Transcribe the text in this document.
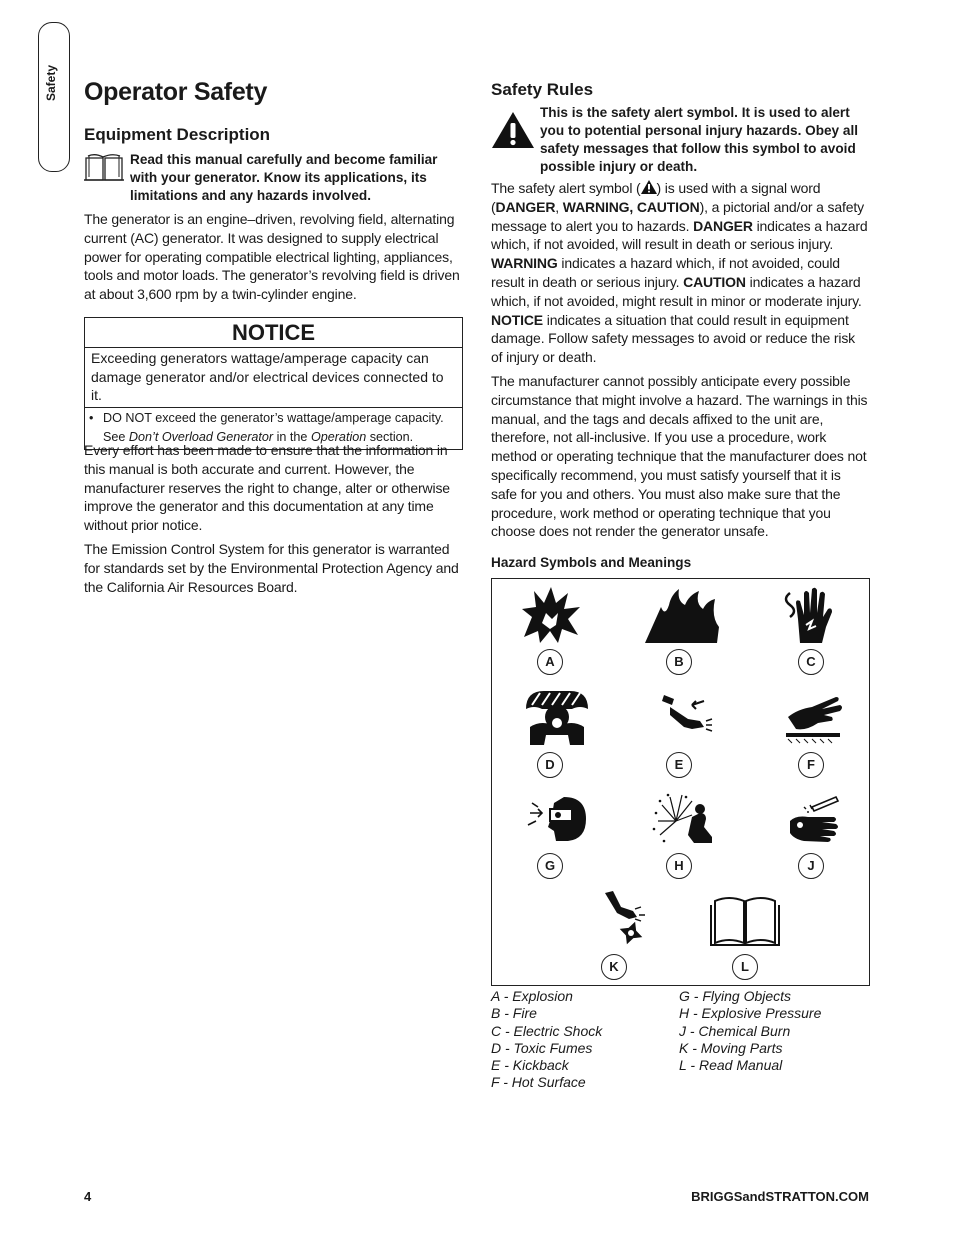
Safety Operator Safety

Equipment Description

Read this manual carefully and become familiar with your generator. Know its applications, its limitations and any hazards involved.

The generator is an engine–driven, revolving field, alternating current (AC) generator. It was designed to supply electrical power for operating compatible electrical lighting, appliances, tools and motor loads. The generator’s revolving field is driven at about 3,600 rpm by a twin-cylinder engine.

NOTICE
Exceeding generators wattage/amperage capacity can damage generator and/or electrical devices connected to it.
• DO NOT exceed the generator’s wattage/amperage capacity. See Don’t Overload Generator in the Operation section.

Every effort has been made to ensure that the information in this manual is both accurate and current. However, the manufacturer reserves the right to change, alter or otherwise improve the generator and this documentation at any time without prior notice.

The Emission Control System for this generator is warranted for standards set by the Environmental Protection Agency and the California Air Resources Board.

Safety Rules

This is the safety alert symbol. It is used to alert you to potential personal injury hazards. Obey all safety messages that follow this symbol to avoid possible injury or death.

The safety alert symbol ( ) is used with a signal word (DANGER, WARNING, CAUTION), a pictorial and/or a safety message to alert you to hazards. DANGER indicates a hazard which, if not avoided, will result in death or serious injury. WARNING indicates a hazard which, if not avoided, could result in death or serious injury. CAUTION indicates a hazard which, if not avoided, might result in minor or moderate injury. NOTICE indicates a situation that could result in equipment damage. Follow safety messages to avoid or reduce the risk of injury or death.

The manufacturer cannot possibly anticipate every possible circumstance that might involve a hazard. The warnings in this manual, and the tags and decals affixed to the unit are, therefore, not all-inclusive. If you use a procedure, work method or operating technique that the manufacturer does not specifically recommend, you must satisfy yourself that it is safe for you and others. You must also make sure that the procedure, work method or operating technique that you choose does not render the generator unsafe.

Hazard Symbols and Meanings

A	B	C
D	E	F
G	H	J
K	L
A - Explosion
B - Fire
C - Electric Shock
D - Toxic Fumes
E - Kickback
F - Hot Surface
G - Flying Objects
H - Explosive Pressure
J - Chemical Burn
K - Moving Parts
L - Read Manual
4	BRIGGSandSTRATTON.COM
